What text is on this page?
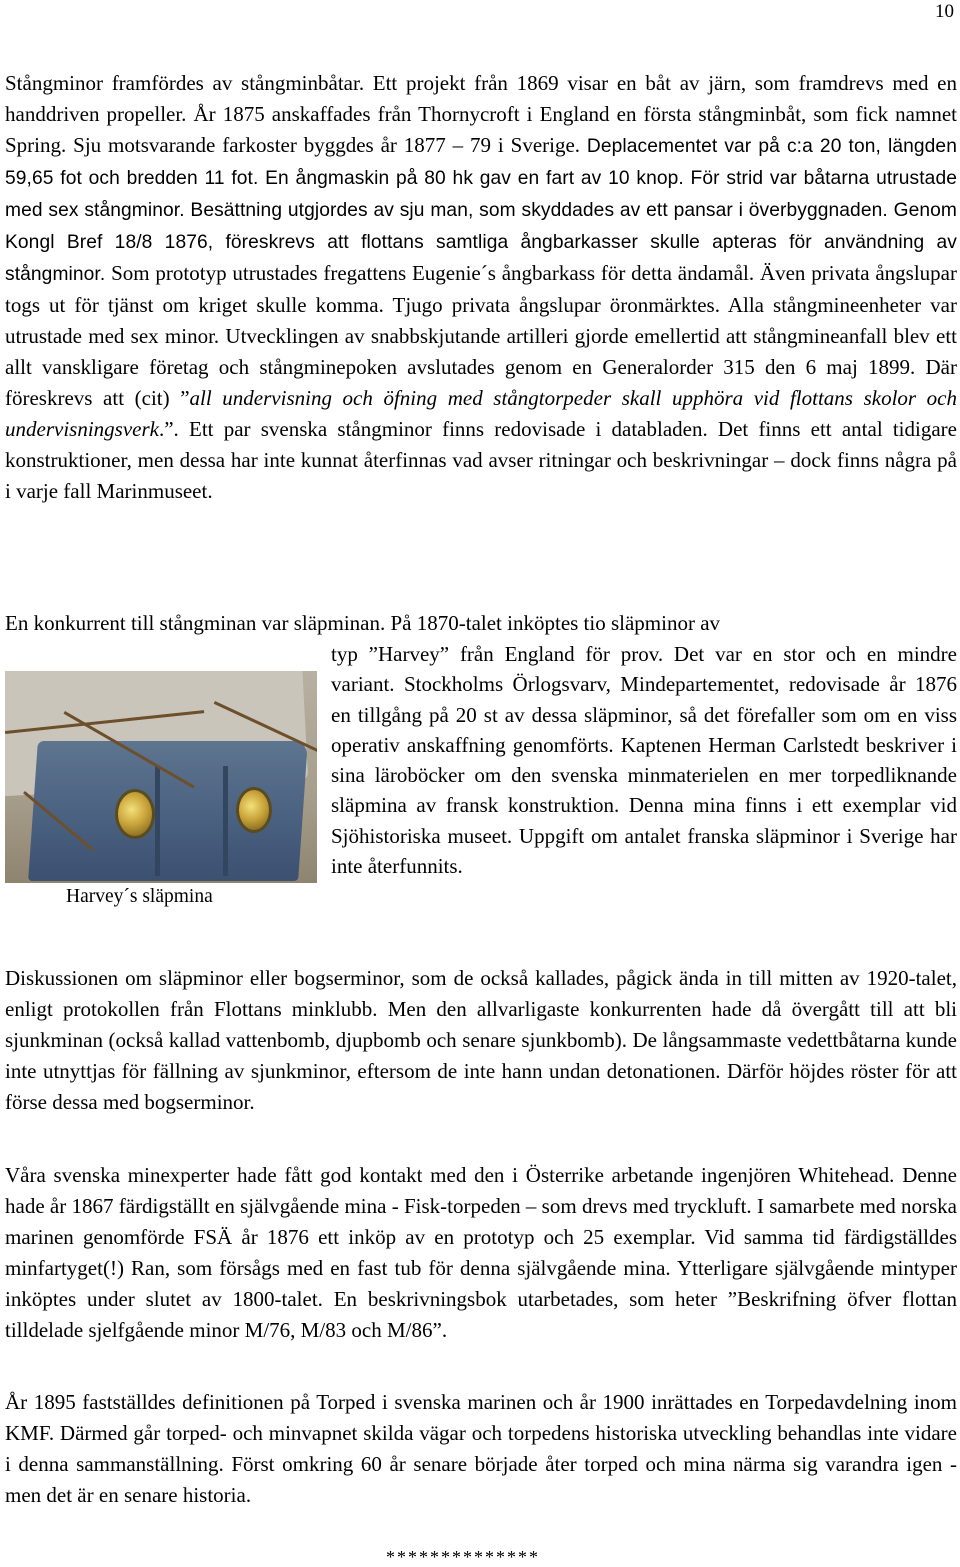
10

Stångminor framfördes av stångminbåtar. Ett projekt från 1869 visar en båt av järn, som framdrevs med en handdriven propeller. År 1875 anskaffades från Thornycroft i England en första stångminbåt, som fick namnet Spring. Sju motsvarande farkoster byggdes år 1877 – 79 i Sverige. Deplacementet var på c:a 20 ton, längden 59,65 fot och bredden 11 fot. En ångmaskin på 80 hk gav en fart av 10 knop. För strid var båtarna utrustade med sex stångminor. Besättning utgjordes av sju man, som skyddades av ett pansar i överbyggnaden. Genom Kongl Bref 18/8 1876, föreskrevs att flottans samtliga ångbarkasser skulle apteras för användning av stångminor. Som prototyp utrustades fregattens Eugenie´s ångbarkass för detta ändamål. Även privata ångslupar togs ut för tjänst om kriget skulle komma. Tjugo privata ångslupar öronmärktes. Alla stångmineenheter var utrustade med sex minor. Utvecklingen av snabbskjutande artilleri gjorde emellertid att stångmineanfall blev ett allt vanskligare företag och stångminepoken avslutades genom en Generalorder 315 den 6 maj 1899. Där föreskrevs att (cit) ”all undervisning och öfning med stångtorpeder skall upphöra vid flottans skolor och undervisningsverk.”. Ett par svenska stångminor finns redovisade i databladen. Det finns ett antal tidigare konstruktioner, men dessa har inte kunnat återfinnas vad avser ritningar och beskrivningar – dock finns några på i varje fall Marinmuseet.

En konkurrent till stångminan var släpminan. På 1870-talet inköptes tio släpminor av

Harvey´s släpmina

typ ”Harvey” från England för prov. Det var en stor och en mindre variant. Stockholms Örlogsvarv, Mindepartementet, redovisade år 1876 en tillgång på 20 st av dessa släpminor, så det förefaller som om en viss operativ anskaffning genomförts. Kaptenen Herman Carlstedt beskriver i sina läroböcker om den svenska minmaterielen en mer torpedliknande släpmina av fransk konstruktion. Denna mina finns i ett exemplar vid Sjöhistoriska museet. Uppgift om antalet franska släpminor i Sverige har inte återfunnits.

Diskussionen om släpminor eller bogserminor, som de också kallades, pågick ända in till mitten av 1920-talet, enligt protokollen från Flottans minklubb. Men den allvarligaste konkurrenten hade då övergått till att bli sjunkminan (också kallad vattenbomb, djupbomb och senare sjunkbomb). De långsammaste vedettbåtarna kunde inte utnyttjas för fällning av sjunkminor, eftersom de inte hann undan detonationen. Därför höjdes röster för att förse dessa med bogserminor.

Våra svenska minexperter hade fått god kontakt med den i Österrike arbetande ingenjören Whitehead. Denne hade år 1867 färdigställt en självgående mina - Fisk-torpeden – som drevs med tryckluft. I samarbete med norska marinen genomförde FSÄ år 1876 ett inköp av en prototyp och 25 exemplar. Vid samma tid färdigställdes minfartyget(!) Ran, som försågs med en fast tub för denna självgående mina. Ytterligare självgående mintyper inköptes under slutet av 1800-talet. En beskrivningsbok utarbetades, som heter ”Beskrifning öfver flottan tilldelade sjelfgående minor M/76, M/83 och M/86”.

År 1895 fastställdes definitionen på Torped i svenska marinen och år 1900 inrättades en Torpedavdelning inom KMF. Därmed går torped- och minvapnet skilda vägar och torpedens historiska utveckling behandlas inte vidare i denna sammanställning. Först omkring 60 år senare började åter torped och mina närma sig varandra igen - men det är en senare historia.

**************
